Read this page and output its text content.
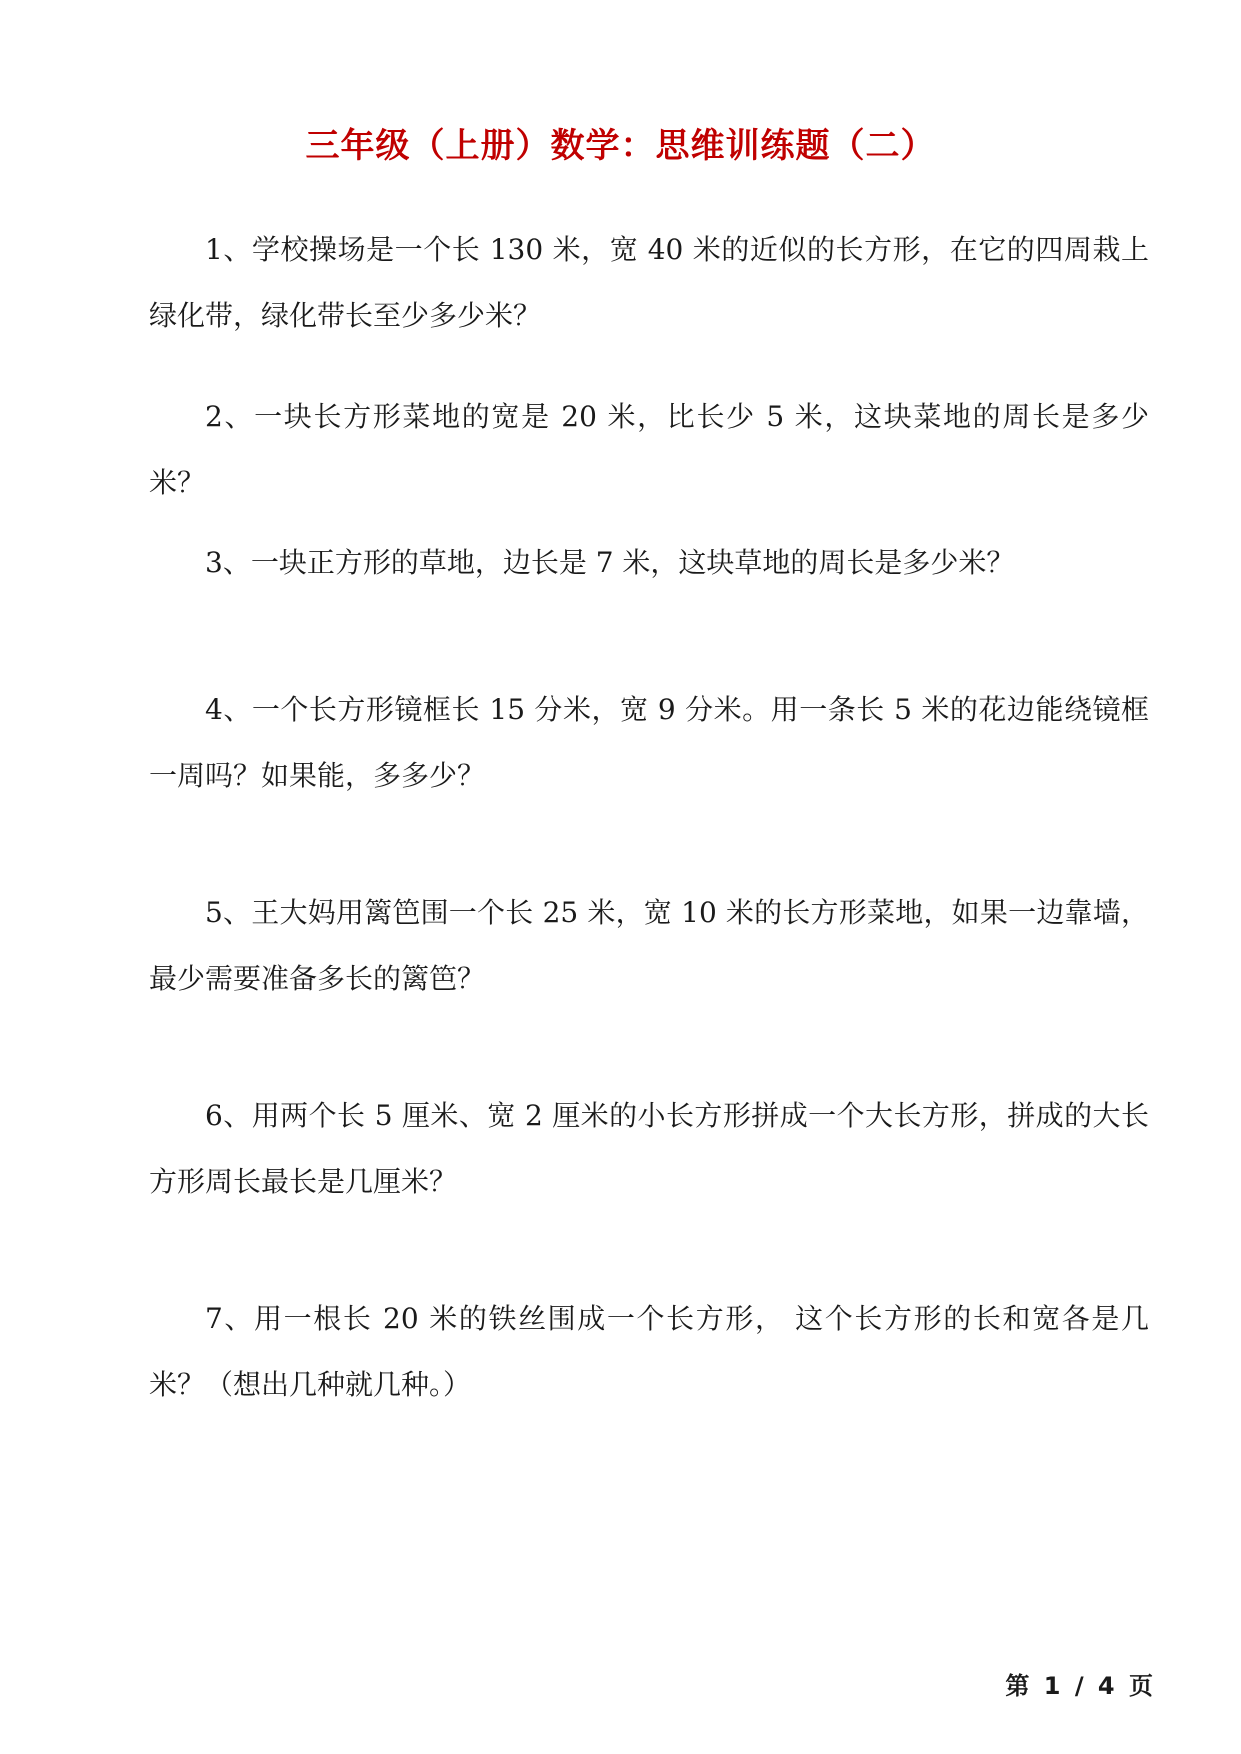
三年级（上册）数学：思维训练题（二）
1、学校操场是一个长 130 米，宽 40 米的近似的长方形，在它的四周栽上绿化带，绿化带长至少多少米？
2、一块长方形菜地的宽是 20 米，比长少 5 米，这块菜地的周长是多少米？
3、一块正方形的草地，边长是 7 米，这块草地的周长是多少米？
4、一个长方形镜框长 15 分米，宽 9 分米。用一条长 5 米的花边能绕镜框一周吗？如果能，多多少？
5、王大妈用篱笆围一个长 25 米，宽 10 米的长方形菜地，如果一边靠墙，最少需要准备多长的篱笆？
6、用两个长 5 厘米、宽 2 厘米的小长方形拼成一个大长方形，拼成的大长方形周长最长是几厘米？
7、用一根长 20 米的铁丝围成一个长方形， 这个长方形的长和宽各是几米？（想出几种就几种。）
第 1 / 4 页
